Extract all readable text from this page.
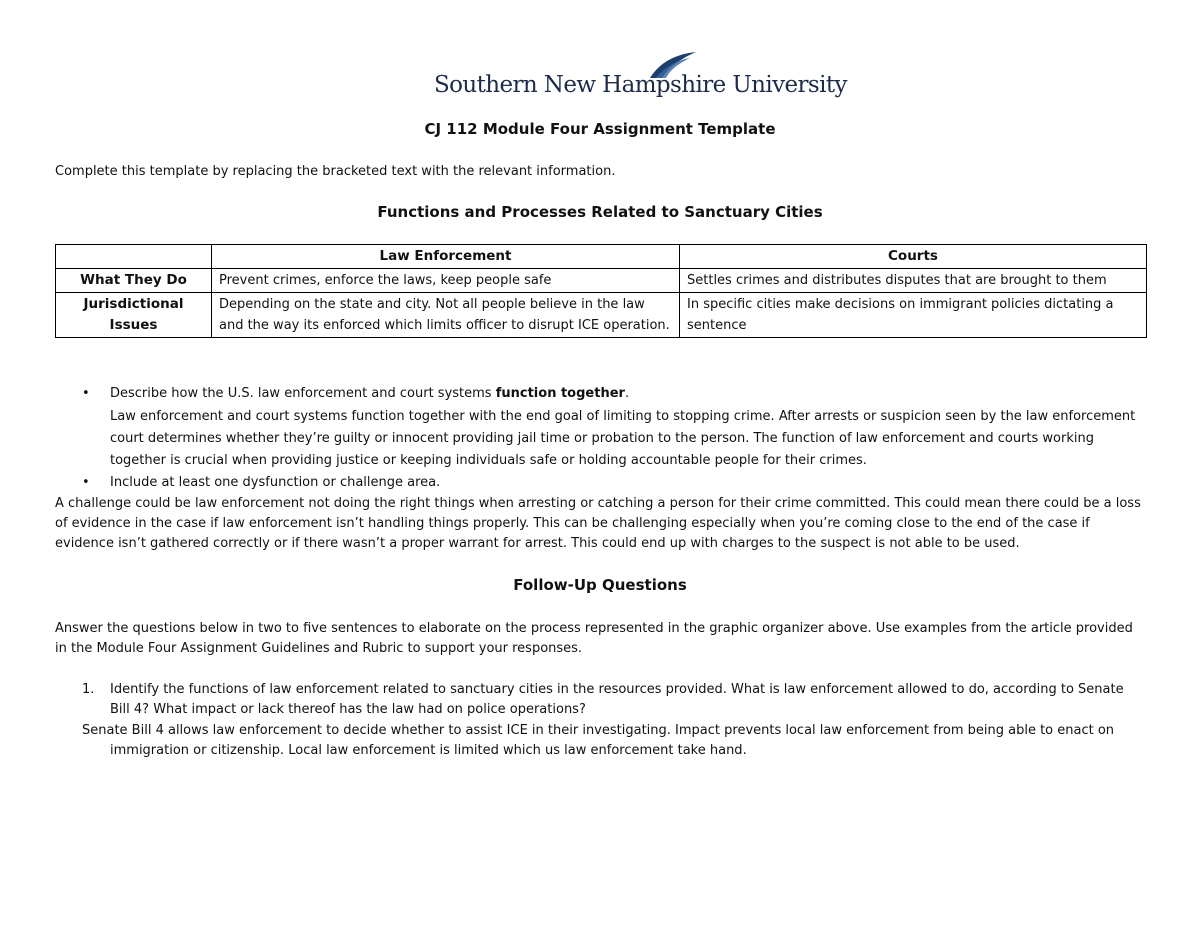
Southern New Hampshire University
CJ 112 Module Four Assignment Template
Complete this template by replacing the bracketed text with the relevant information.
Functions and Processes Related to Sanctuary Cities
	Law Enforcement	Courts
What They Do	Prevent crimes, enforce the laws, keep people safe	Settles crimes and distributes disputes that are brought to them
Jurisdictional Issues	Depending on the state and city. Not all people believe in the law and the way its enforced which limits officer to disrupt ICE operation.	In specific cities make decisions on immigrant policies dictating a sentence
• Describe how the U.S. law enforcement and court systems function together.
Law enforcement and court systems function together with the end goal of limiting to stopping crime. After arrests or suspicion seen by the law enforcement court determines whether they’re guilty or innocent providing jail time or probation to the person. The function of law enforcement and courts working together is crucial when providing justice or keeping individuals safe or holding accountable people for their crimes.
• Include at least one dysfunction or challenge area.
A challenge could be law enforcement not doing the right things when arresting or catching a person for their crime committed. This could mean there could be a loss of evidence in the case if law enforcement isn’t handling things properly. This can be challenging especially when you’re coming close to the end of the case if evidence isn’t gathered correctly or if there wasn’t a proper warrant for arrest. This could end up with charges to the suspect is not able to be used.
Follow-Up Questions
Answer the questions below in two to five sentences to elaborate on the process represented in the graphic organizer above. Use examples from the article provided in the Module Four Assignment Guidelines and Rubric to support your responses.
1. Identify the functions of law enforcement related to sanctuary cities in the resources provided. What is law enforcement allowed to do, according to Senate Bill 4? What impact or lack thereof has the law had on police operations?
Senate Bill 4 allows law enforcement to decide whether to assist ICE in their investigating. Impact prevents local law enforcement from being able to enact on immigration or citizenship. Local law enforcement is limited which us law enforcement take hand.
